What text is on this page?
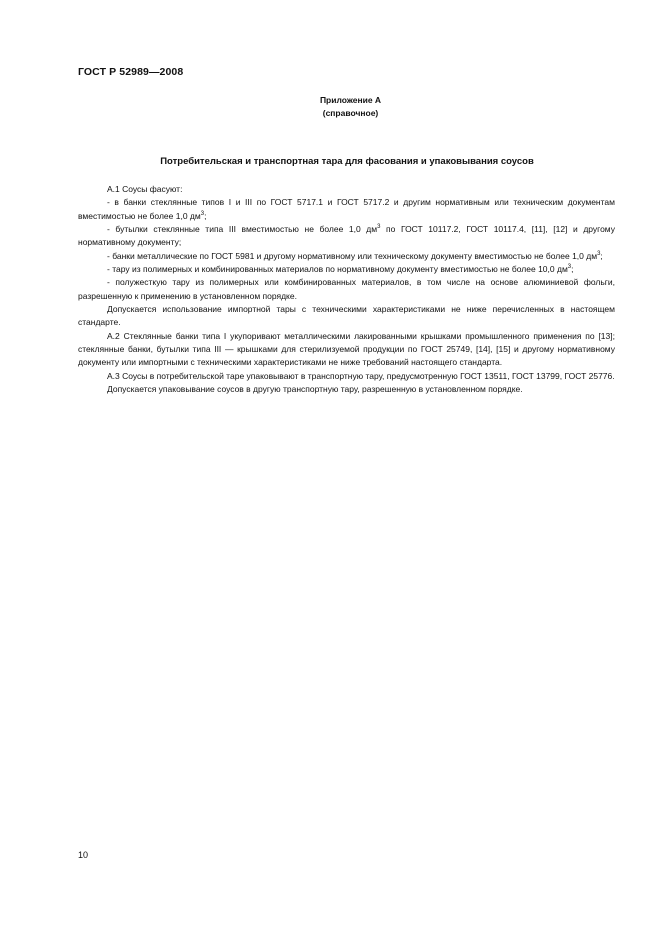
ГОСТ Р 52989—2008
Приложение А
(справочное)
Потребительская и транспортная тара для фасования и упаковывания соусов

А.1 Соусы фасуют:

- в банки стеклянные типов I и III по ГОСТ 5717.1 и ГОСТ 5717.2 и другим нормативным или техническим документам вместимостью не более 1,0 $дм^3$;

- бутылки стеклянные типа III вместимостью не более 1,0 $дм^3$ по ГОСТ 10117.2, ГОСТ 10117.4, [11], [12] и другому нормативному документу;

- банки металлические по ГОСТ 5981 и другому нормативному или техническому документу вместимостью не более 1,0 $дм^3$;

- тару из полимерных и комбинированных материалов по нормативному документу вместимостью не более 10,0 $дм^3$;

- полужесткую тару из полимерных или комбинированных материалов, в том числе на основе алюминиевой фольги, разрешенную к применению в установленном порядке.

Допускается использование импортной тары с техническими характеристиками не ниже перечисленных в настоящем стандарте.

А.2 Стеклянные банки типа I укупоривают металлическими лакированными крышками промышленного применения по [13]; стеклянные банки, бутылки типа III — крышками для стерилизуемой продукции по ГОСТ 25749, [14], [15] и другому нормативному документу или импортными с техническими характеристиками не ниже требований настоящего стандарта.

А.3 Соусы в потребительской таре упаковывают в транспортную тару, предусмотренную ГОСТ 13511, ГОСТ 13799, ГОСТ 25776.

Допускается упаковывание соусов в другую транспортную тару, разрешенную в установленном порядке.

10
